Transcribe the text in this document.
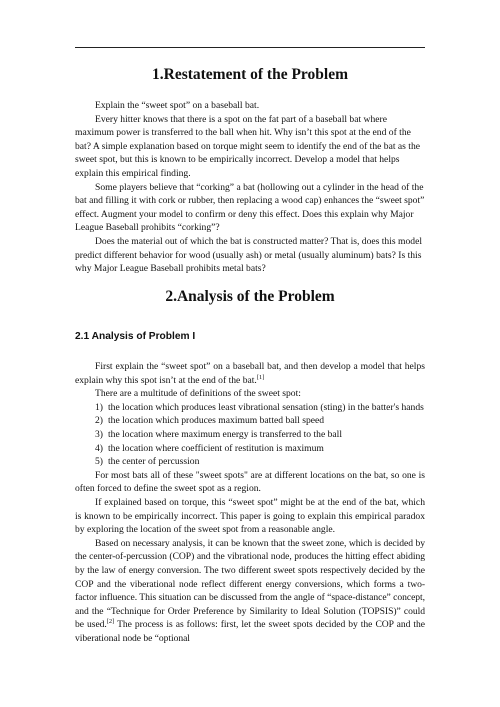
1.Restatement of the Problem

Explain the “sweet spot” on a baseball bat.

Every hitter knows that there is a spot on the fat part of a baseball bat where maximum power is transferred to the ball when hit. Why isn’t this spot at the end of the bat? A simple explanation based on torque might seem to identify the end of the bat as the sweet spot, but this is known to be empirically incorrect. Develop a model that helps explain this empirical finding.

Some players believe that “corking” a bat (hollowing out a cylinder in the head of the bat and filling it with cork or rubber, then replacing a wood cap) enhances the “sweet spot” effect. Augment your model to confirm or deny this effect. Does this explain why Major League Baseball prohibits “corking”?

Does the material out of which the bat is constructed matter? That is, does this model predict different behavior for wood (usually ash) or metal (usually aluminum) bats? Is this why Major League Baseball prohibits metal bats?

2.Analysis of the Problem
2.1 Analysis of Problem I

First explain the “sweet spot” on a baseball bat, and then develop a model that helps explain why this spot isn’t at the end of the bat.[1]

There are a multitude of definitions of the sweet spot:

1) the location which produces least vibrational sensation (sting) in the batter's hands
2) the location which produces maximum batted ball speed
3) the location where maximum energy is transferred to the ball
4) the location where coefficient of restitution is maximum
5) the center of percussion

For most bats all of these "sweet spots" are at different locations on the bat, so one is often forced to define the sweet spot as a region.

If explained based on torque, this “sweet spot” might be at the end of the bat, which is known to be empirically incorrect. This paper is going to explain this empirical paradox by exploring the location of the sweet spot from a reasonable angle.

Based on necessary analysis, it can be known that the sweet zone, which is decided by the center-of-percussion (COP) and the vibrational node, produces the hitting effect abiding by the law of energy conversion. The two different sweet spots respectively decided by the COP and the viberational node reflect different energy conversions, which forms a two-factor influence. This situation can be discussed from the angle of “space-distance” concept, and the “Technique for Order Preference by Similarity to Ideal Solution (TOPSIS)” could be used.[2] The process is as follows: first, let the sweet spots decided by the COP and the viberational node be “optional
